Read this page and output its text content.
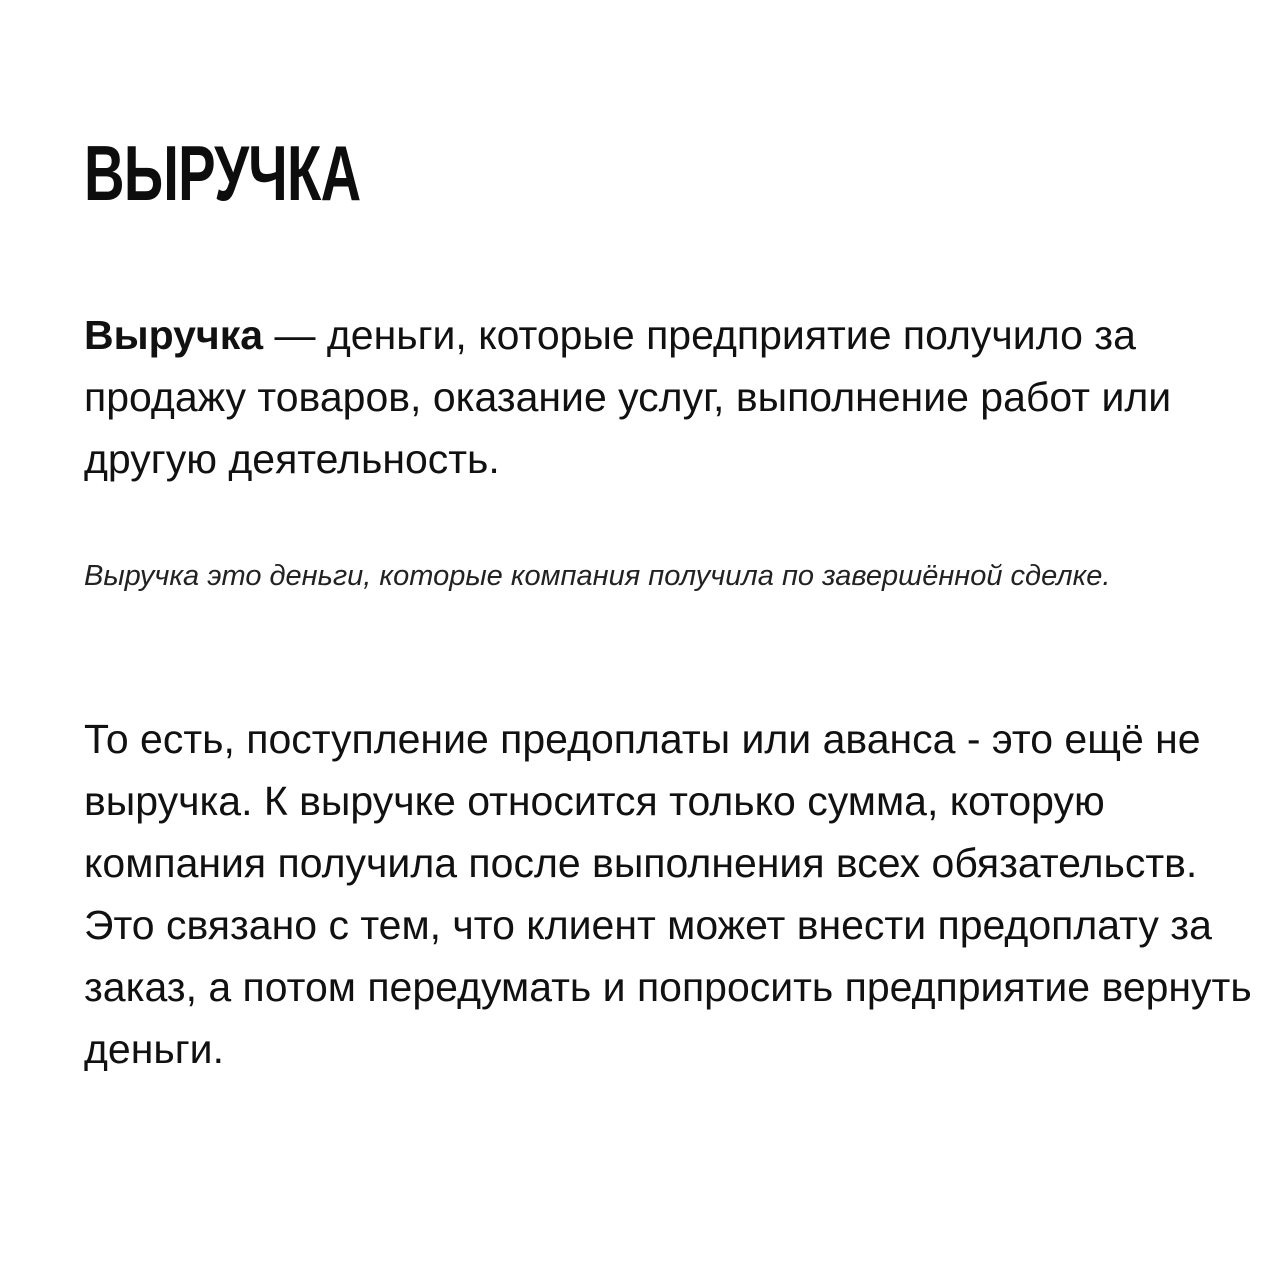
ВЫРУЧКА

Выручка — деньги, которые предприятие получило за продажу товаров, оказание услуг, выполнение работ или другую деятельность.

Выручка это деньги, которые компания получила по завершённой сделке.

То есть, поступление предоплаты или аванса - это ещё не выручка. К выручке относится только сумма, которую компания получила после выполнения всех обязательств. Это связано с тем, что клиент может внести предоплату за заказ, а потом передумать и попросить предприятие вернуть деньги.
